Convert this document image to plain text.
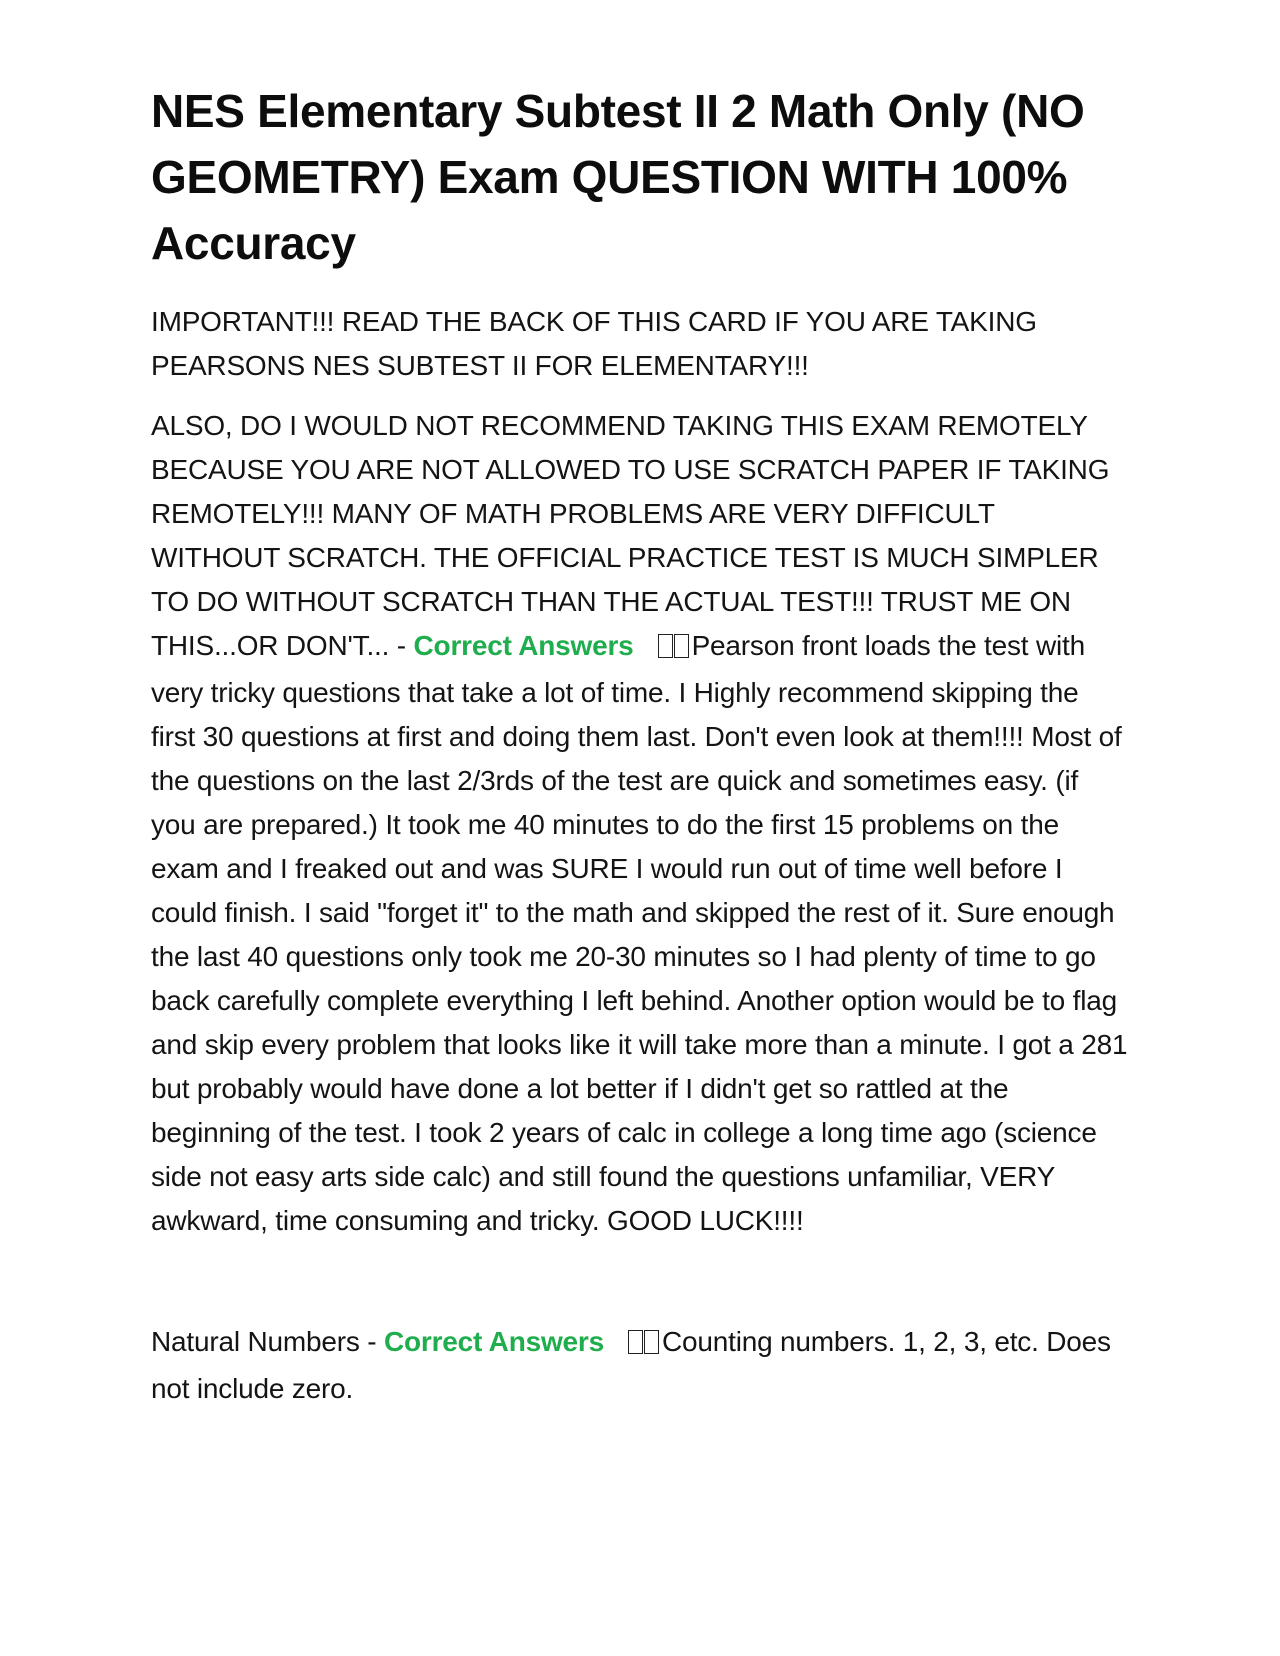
NES Elementary Subtest II 2 Math Only (NO GEOMETRY) Exam QUESTION WITH 100% Accuracy

IMPORTANT!!! READ THE BACK OF THIS CARD IF YOU ARE TAKING PEARSONS NES SUBTEST II FOR ELEMENTARY!!!

ALSO, DO I WOULD NOT RECOMMEND TAKING THIS EXAM REMOTELY BECAUSE YOU ARE NOT ALLOWED TO USE SCRATCH PAPER IF TAKING REMOTELY!!! MANY OF MATH PROBLEMS ARE VERY DIFFICULT WITHOUT SCRATCH. THE OFFICIAL PRACTICE TEST IS MUCH SIMPLER TO DO WITHOUT SCRATCH THAN THE ACTUAL TEST!!! TRUST ME ON THIS...OR DON'T... - Correct Answers Pearson front loads the test with very tricky questions that take a lot of time. I Highly recommend skipping the first 30 questions at first and doing them last. Don't even look at them!!!! Most of the questions on the last 2/3rds of the test are quick and sometimes easy. (if you are prepared.) It took me 40 minutes to do the first 15 problems on the exam and I freaked out and was SURE I would run out of time well before I could finish. I said "forget it" to the math and skipped the rest of it. Sure enough the last 40 questions only took me 20-30 minutes so I had plenty of time to go back carefully complete everything I left behind. Another option would be to flag and skip every problem that looks like it will take more than a minute. I got a 281 but probably would have done a lot better if I didn't get so rattled at the beginning of the test. I took 2 years of calc in college a long time ago (science side not easy arts side calc) and still found the questions unfamiliar, VERY awkward, time consuming and tricky. GOOD LUCK!!!!

Natural Numbers - Correct Answers Counting numbers. 1, 2, 3, etc. Does not include zero.
